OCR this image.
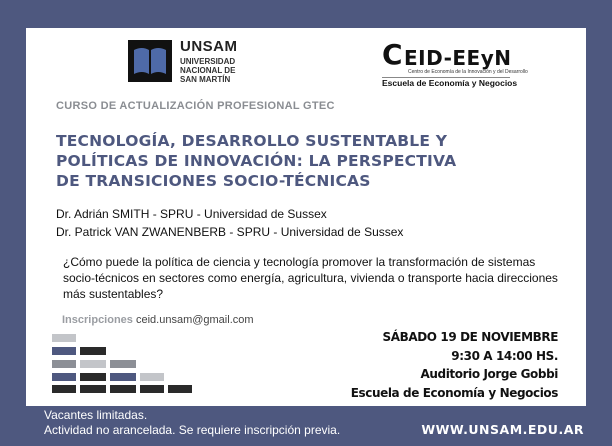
UNSAM
UNIVERSIDAD
NACIONAL DE
SAN MARTÍN
C EID-EEyN
Centro de Economía de la Innovación y del Desarrollo
Escuela de Economía y Negocios
CURSO DE ACTUALIZACIÓN PROFESIONAL GTEC
TECNOLOGÍA, DESARROLLO SUSTENTABLE Y
POLÍTICAS DE INNOVACIÓN: LA PERSPECTIVA
DE TRANSICIONES SOCIO-TÉCNICAS
Dr. Adrián SMITH - SPRU - Universidad de Sussex
Dr. Patrick VAN ZWANENBERB - SPRU - Universidad de Sussex
¿Cómo puede la política de ciencia y tecnología promover la transformación de sistemas socio-técnicos en sectores como energía, agricultura, vivienda o transporte hacia direcciones más sustentables?
Inscripciones ceid.unsam@gmail.com
SÁBADO 19 DE NOVIEMBRE
9:30 A 14:00 HS.
Auditorio Jorge Gobbi
Escuela de Economía y Negocios
Vacantes limitadas.
Actividad no arancelada. Se requiere inscripción previa.	WWW.UNSAM.EDU.AR
